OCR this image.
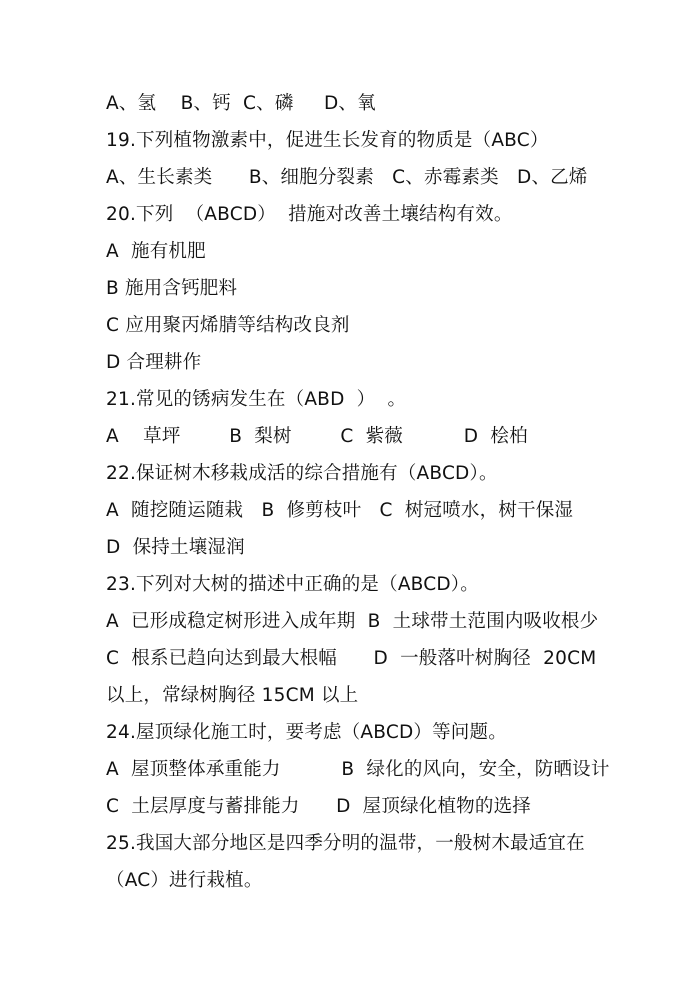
A、氢    B、钙  C、磷     D、氧
19.下列植物激素中，促进生长发育的物质是（ABC）
A、生长素类      B、细胞分裂素   C、赤霉素类   D、乙烯
20.下列  （ABCD）  措施对改善土壤结构有效。
A  施有机肥
B 施用含钙肥料
C 应用聚丙烯腈等结构改良剂
D 合理耕作
21.常见的锈病发生在（ABD  ）  。
A    草坪        B  梨树        C  紫薇          D  桧柏
22.保证树木移栽成活的综合措施有（ABCD）。
A  随挖随运随栽   B  修剪枝叶   C  树冠喷水，树干保湿
D  保持土壤湿润
23.下列对大树的描述中正确的是（ABCD）。
A  已形成稳定树形进入成年期  B  土球带土范围内吸收根少
C  根系已趋向达到最大根幅      D  一般落叶树胸径  20CM
以上，常绿树胸径 15CM 以上
24.屋顶绿化施工时，要考虑（ABCD）等问题。
A  屋顶整体承重能力          B  绿化的风向，安全，防晒设计
C  土层厚度与蓄排能力      D  屋顶绿化植物的选择
25.我国大部分地区是四季分明的温带，一般树木最适宜在
（AC）进行栽植。
